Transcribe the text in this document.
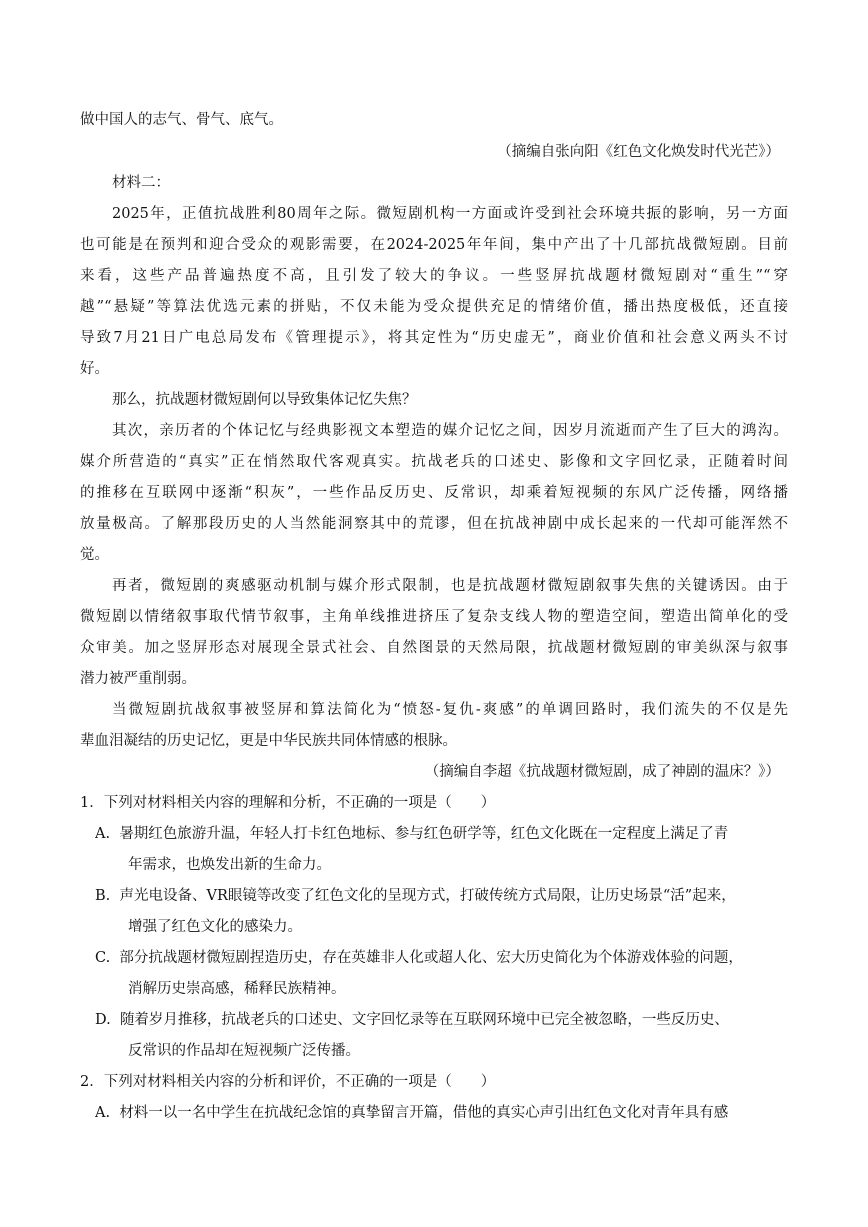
做中国人的志气、骨气、底气。
（摘编自张向阳《红色文化焕发时代光芒》）
材料二：
2025年，正值抗战胜利80周年之际。微短剧机构一方面或许受到社会环境共振的影响，另一方面
也可能是在预判和迎合受众的观影需要，在2024-2025年年间，集中产出了十几部抗战微短剧。目前
来看，这些产品普遍热度不高，且引发了较大的争议。一些竖屏抗战题材微短剧对“重生”“穿
越”“悬疑”等算法优选元素的拼贴，不仅未能为受众提供充足的情绪价值，播出热度极低，还直接
导致7月21日广电总局发布《管理提示》，将其定性为“历史虚无”，商业价值和社会意义两头不讨
好。
那么，抗战题材微短剧何以导致集体记忆失焦？
其次，亲历者的个体记忆与经典影视文本塑造的媒介记忆之间，因岁月流逝而产生了巨大的鸿沟。
媒介所营造的“真实”正在悄然取代客观真实。抗战老兵的口述史、影像和文字回忆录，正随着时间
的推移在互联网中逐渐“积灰”，一些作品反历史、反常识，却乘着短视频的东风广泛传播，网络播
放量极高。了解那段历史的人当然能洞察其中的荒谬，但在抗战神剧中成长起来的一代却可能浑然不
觉。
再者，微短剧的爽感驱动机制与媒介形式限制，也是抗战题材微短剧叙事失焦的关键诱因。由于
微短剧以情绪叙事取代情节叙事，主角单线推进挤压了复杂支线人物的塑造空间，塑造出简单化的受
众审美。加之竖屏形态对展现全景式社会、自然图景的天然局限，抗战题材微短剧的审美纵深与叙事
潜力被严重削弱。
当微短剧抗战叙事被竖屏和算法简化为“愤怒-复仇-爽感”的单调回路时，我们流失的不仅是先
辈血泪凝结的历史记忆，更是中华民族共同体情感的根脉。
（摘编自李超《抗战题材微短剧，成了神剧的温床？》）
1．下列对材料相关内容的理解和分析，不正确的一项是（　　）
A. 暑期红色旅游升温，年轻人打卡红色地标、参与红色研学等，红色文化既在一定程度上满足了青
年需求，也焕发出新的生命力。
B. 声光电设备、VR眼镜等改变了红色文化的呈现方式，打破传统方式局限，让历史场景“活”起来，
增强了红色文化的感染力。
C. 部分抗战题材微短剧捏造历史，存在英雄非人化或超人化、宏大历史简化为个体游戏体验的问题，
消解历史崇高感，稀释民族精神。
D. 随着岁月推移，抗战老兵的口述史、文字回忆录等在互联网环境中已完全被忽略，一些反历史、
反常识的作品却在短视频广泛传播。
2．下列对材料相关内容的分析和评价，不正确的一项是（　　）
A. 材料一以一名中学生在抗战纪念馆的真挚留言开篇，借他的真实心声引出红色文化对青年具有感
